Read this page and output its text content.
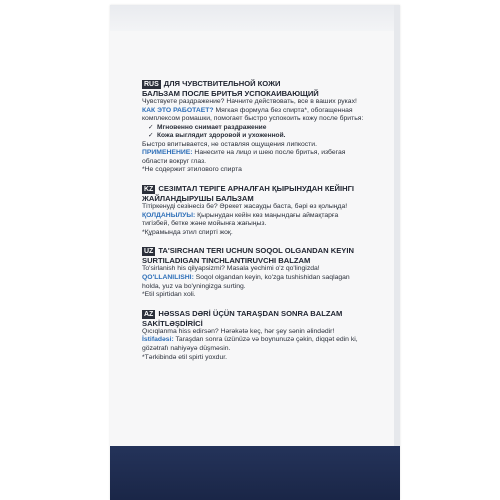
RUS ДЛЯ ЧУВСТВИТЕЛЬНОЙ КОЖИ
БАЛЬЗАМ ПОСЛЕ БРИТЬЯ УСПОКАИВАЮЩИЙ

Чувствуете раздражение? Начните действовать, все в ваших руках!

КАК ЭТО РАБОТАЕТ? Мягкая формула без спирта*, обогащенная комплексом ромашки, помогает быстро успокоить кожу после бритья:

✓ Мгновенно снимает раздражение
✓ Кожа выглядит здоровой и ухоженной.

Быстро впитывается, не оставляя ощущения липкости.

ПРИМЕНЕНИЕ: Нанесите на лицо и шею после бритья, избегая области вокруг глаз.

*Не содержит этилового спирта

KZ СЕЗІМТАЛ ТЕРІГЕ АРНАЛҒАН ҚЫРЫНУДАН КЕЙІНГІ ЖАЙЛАНДЫРУШЫ БАЛЬЗАМ

Тітіркенуді сезінесіз бе? Әрекет жасауды баста, бәрі өз қолыңда!

ҚОЛДАНЫЛУЫ: Қырынудан кейін көз маңындағы аймақтарға тигізбей, бетке және мойынға жағыңыз.

*Құрамында этил спирті жоқ.

UZ TA'SIRCHAN TERI UCHUN SOQOL OLGANDAN KEYIN SURTILADIGAN TINCHLANTIRUVCHI BALZAM

To'sirlanish his qilyapsizmi? Masala yechimi o'z qo'lingizda!

QO'LLANILISHI: Soqol olgandan keyin, ko'zga tushishidan saqlagan holda, yuz va bo'yningizga surting.

*Etil spirtidan xoli.

AZ HƏSSAS DƏRİ ÜÇÜN TARAŞDAN SONRA BALZAM SAKİTLƏŞDİRİCİ

Qıcıqlanma hiss edirsən? Hərəkətə keç, hər şey sənin əlindədir!

İstifadəsi: Taraşdan sonra üzünüzə və boynunuzə çəkin, diqqət edin ki, gözətrafı nahiyəyə düşməsin.

*Tərkibində etil spirti yoxdur.
